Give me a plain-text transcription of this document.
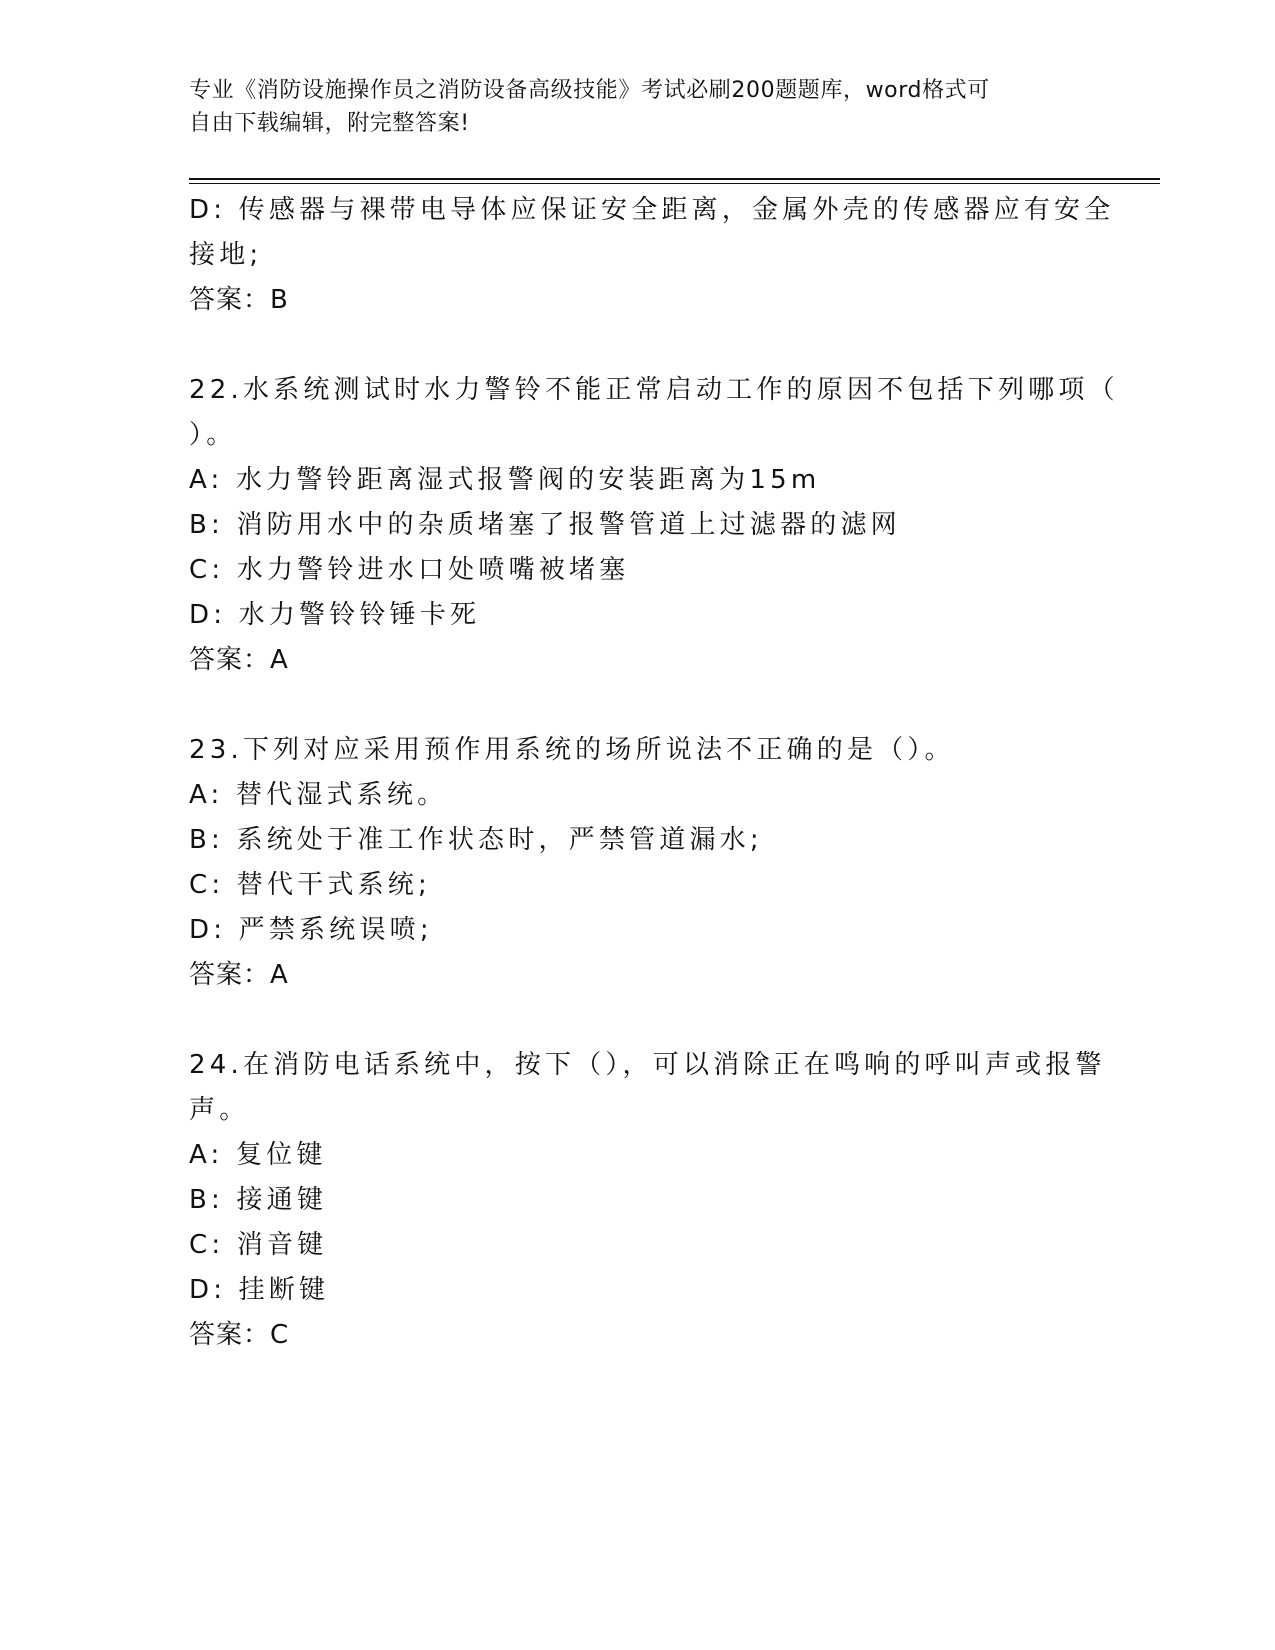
专业《消防设施操作员之消防设备高级技能》考试必刷200题题库，word格式可
自由下载编辑，附完整答案!
D: 传感器与裸带电导体应保证安全距离，金属外壳的传感器应有安全
接地;
答案：B
22.水系统测试时水力警铃不能正常启动工作的原因不包括下列哪项（
）。
A: 水力警铃距离湿式报警阀的安装距离为15m
B: 消防用水中的杂质堵塞了报警管道上过滤器的滤网
C: 水力警铃进水口处喷嘴被堵塞
D: 水力警铃铃锤卡死
答案：A
23.下列对应采用预作用系统的场所说法不正确的是（）。
A: 替代湿式系统。
B: 系统处于准工作状态时，严禁管道漏水;
C: 替代干式系统;
D: 严禁系统误喷;
答案：A
24.在消防电话系统中，按下（），可以消除正在鸣响的呼叫声或报警
声。
A: 复位键
B: 接通键
C: 消音键
D: 挂断键
答案：C
